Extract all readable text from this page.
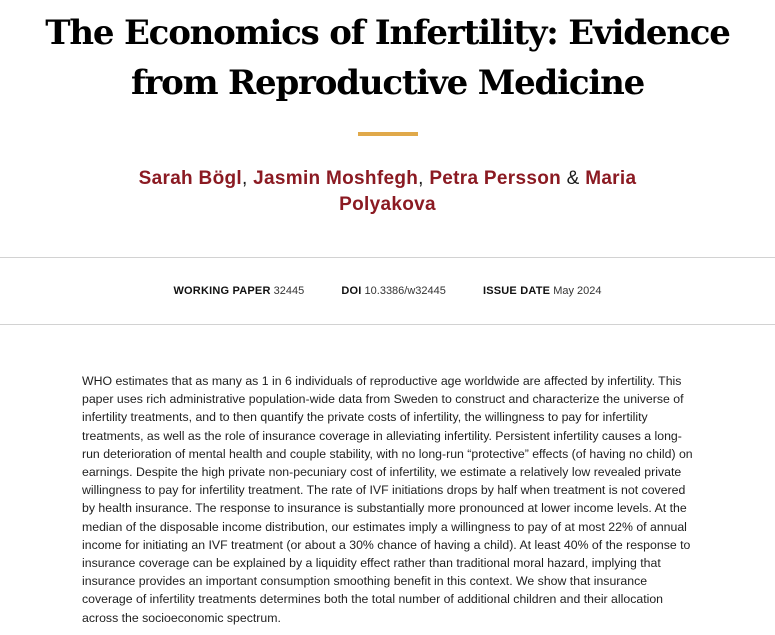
The Economics of Infertility: Evidence from Reproductive Medicine
Sarah Bögl, Jasmin Moshfegh, Petra Persson & Maria Polyakova
WORKING PAPER 32445	DOI 10.3386/w32445	ISSUE DATE May 2024

WHO estimates that as many as 1 in 6 individuals of reproductive age worldwide are affected by infertility. This paper uses rich administrative population-wide data from Sweden to construct and characterize the universe of infertility treatments, and to then quantify the private costs of infertility, the willingness to pay for infertility treatments, as well as the role of insurance coverage in alleviating infertility. Persistent infertility causes a long-run deterioration of mental health and couple stability, with no long-run “protective” effects (of having no child) on earnings. Despite the high private non-pecuniary cost of infertility, we estimate a relatively low revealed private willingness to pay for infertility treatment. The rate of IVF initiations drops by half when treatment is not covered by health insurance. The response to insurance is substantially more pronounced at lower income levels. At the median of the disposable income distribution, our estimates imply a willingness to pay of at most 22% of annual income for initiating an IVF treatment (or about a 30% chance of having a child). At least 40% of the response to insurance coverage can be explained by a liquidity effect rather than traditional moral hazard, implying that insurance provides an important consumption smoothing benefit in this context. We show that insurance coverage of infertility treatments determines both the total number of additional children and their allocation across the socioeconomic spectrum.
